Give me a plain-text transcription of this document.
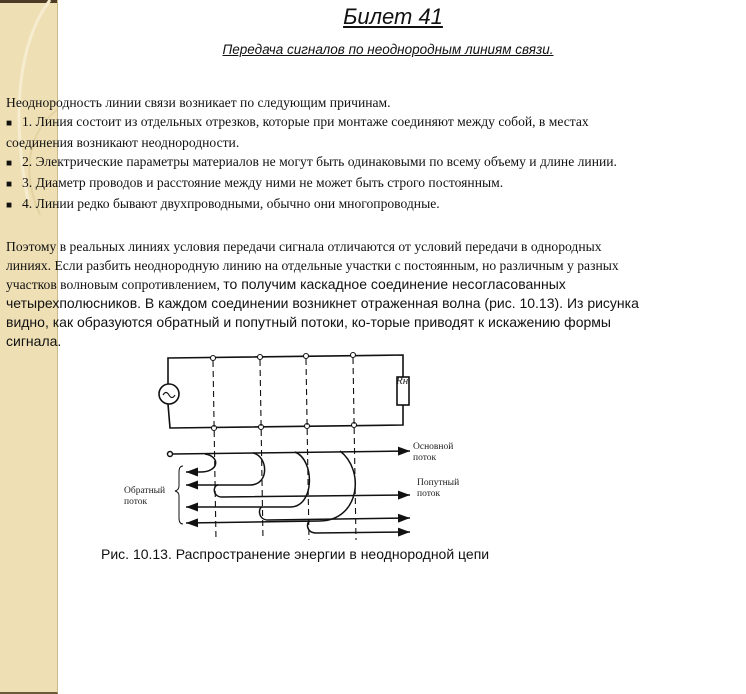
Билет 41
Передача сигналов по неоднородным линиям связи.
Неоднородность линии связи возникает по следующим причинам.
■ 1. Линия состоит из отдельных отрезков, которые при монтаже соединяют между собой, в местах
соединения возникают неоднородности.
■ 2. Электрические параметры материалов не могут быть одинаковыми по всему объему и длине линии.
■ 3. Диаметр проводов и расстояние между ними не может быть строго постоянным.
■ 4. Линии редко бывают двухпроводными, обычно они многопроводные.
Поэтому в реальных линиях условия передачи сигнала отличаются от условий передачи в однородных
линиях. Если разбить неоднородную линию на отдельные участки с постоянным, но различным у разных
участков волновым сопротивлением, то получим каскадное соединение несогласованных
четырехполюсников. В каждом соединении возникнет отраженная волна (рис. 10.13). Из рисунка
видно, как образуются обратный и попутный потоки, ко-торые приводят к искажению формы
сигнала.
Rн
Основной
поток
Попутный
поток
Обратный
поток
Рис. 10.13. Распространение энергии в неоднородной цепи
